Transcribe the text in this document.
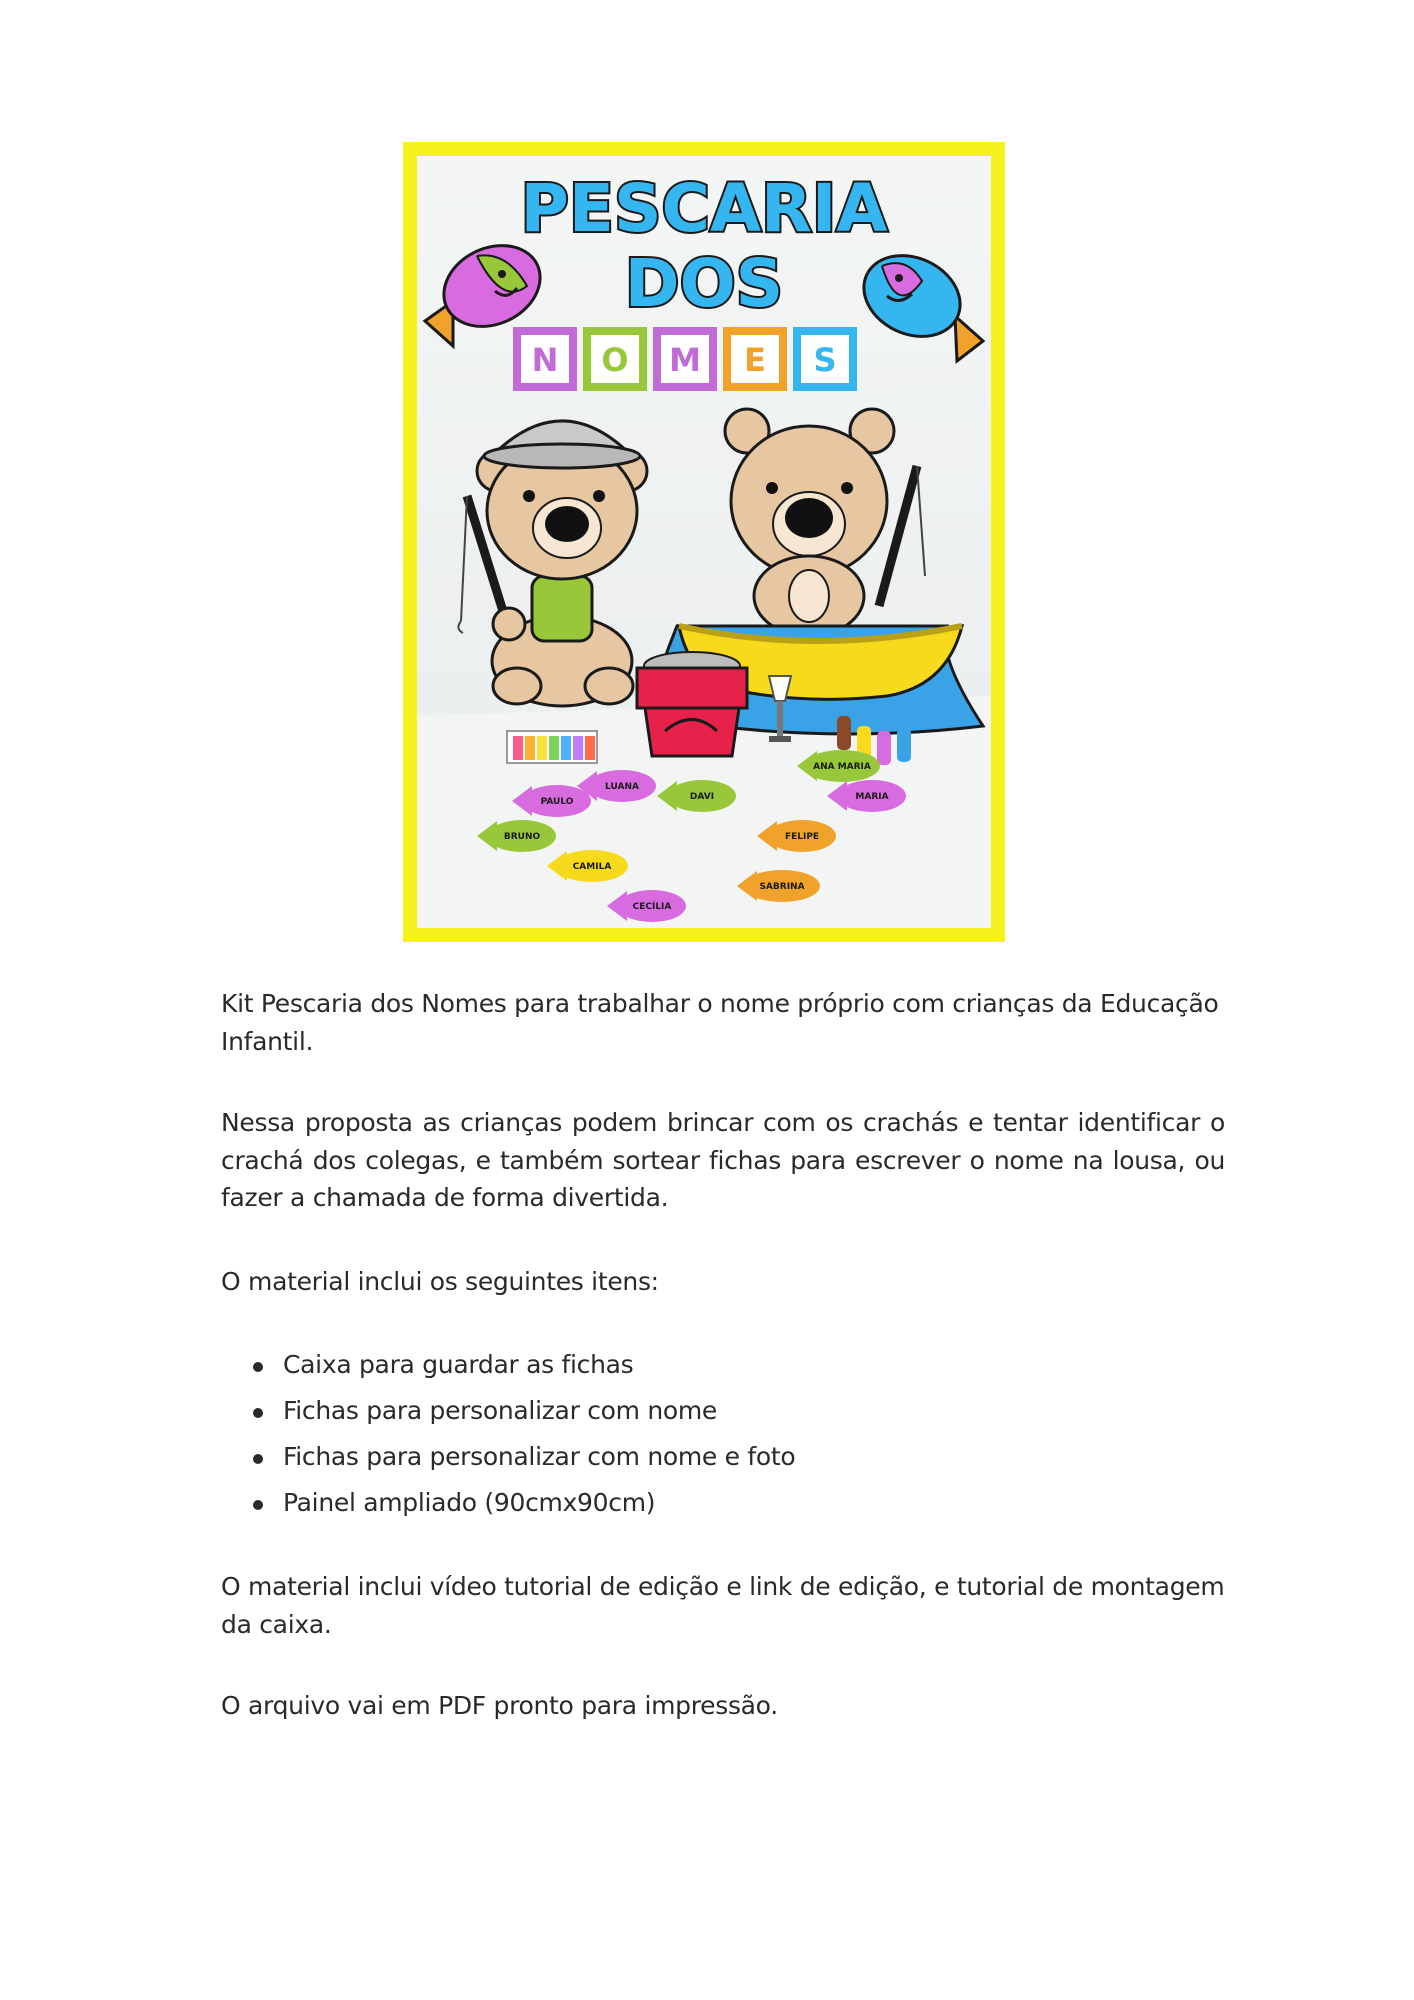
PESCARIA
DOS
N O M E S
PAULO
LUANA
DAVI
ANA MARIA
MARIA
BRUNO
CAMILA
FELIPE
SABRINA
CECÍLIA

Kit Pescaria dos Nomes para trabalhar o nome próprio com crianças da Educação Infantil.

Nessa proposta as crianças podem brincar com os crachás e tentar identificar o crachá dos colegas, e também sortear fichas para escrever o nome na lousa, ou fazer a chamada de forma divertida.

O material inclui os seguintes itens:

Caixa para guardar as fichas
Fichas para personalizar com nome
Fichas para personalizar com nome e foto
Painel ampliado (90cmx90cm)

O material inclui vídeo tutorial de edição e link de edição, e tutorial de montagem da caixa.

O arquivo vai em PDF pronto para impressão.
